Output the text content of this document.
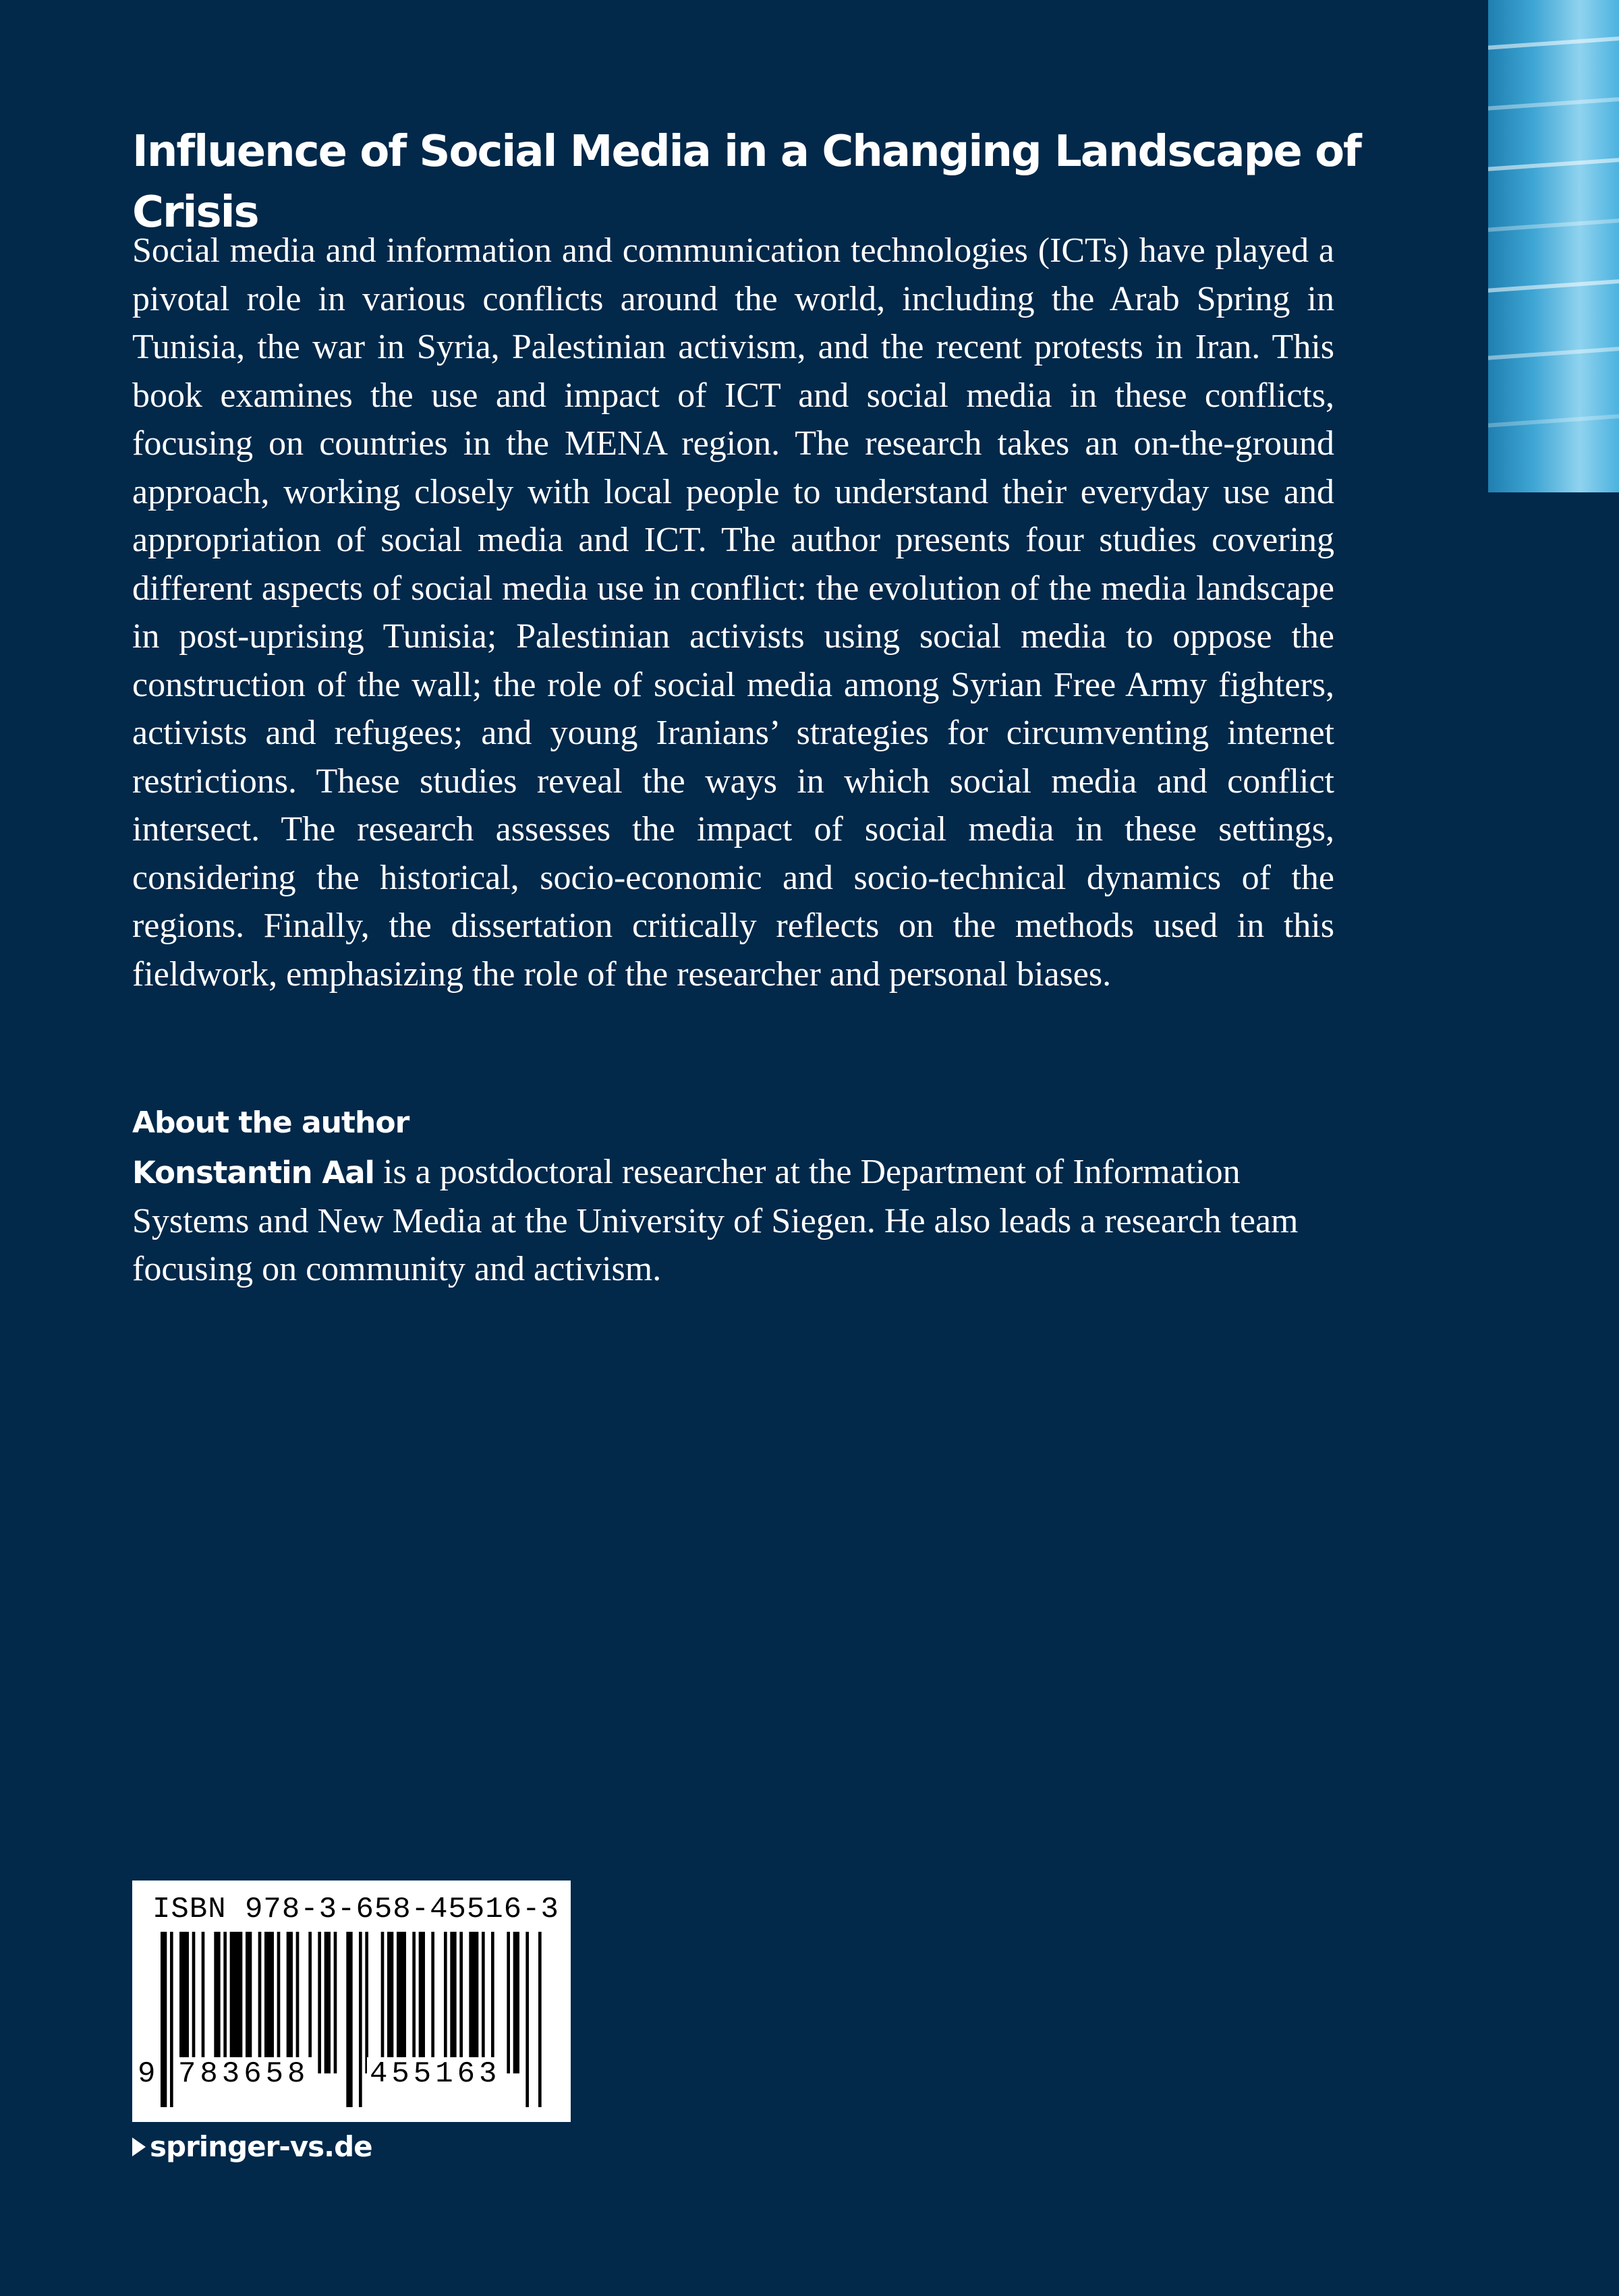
Influence of Social Media in a Changing Landscape of Crisis

Social media and information and communication technologies (ICTs) have played a pivotal role in various conflicts around the world, including the Arab Spring in Tunisia, the war in Syria, Palestinian activism, and the recent protests in Iran. This book examines the use and impact of ICT and social media in these conflicts, focusing on countries in the MENA region. The research takes an on-the-ground approach, working closely with local people to understand their everyday use and appropriation of social media and ICT. The author presents four studies covering different aspects of social media use in conflict: the evolution of the media landscape in post-uprising Tunisia; Palestinian activists using social media to oppose the construction of the wall; the role of social media among Syrian Free Army fighters, activists and refugees; and young Iranians’ strategies for circumventing internet restrictions. These studies reveal the ways in which social media and conflict intersect. The research assesses the impact of social media in these settings, considering the historical, socio-economic and socio-technical dynamics of the regions. Finally, the dissertation critically reflects on the methods used in this fieldwork, emphasizing the role of the researcher and personal biases.

About the author

Konstantin Aal is a postdoctoral researcher at the Department of Information Systems and New Media at the University of Siegen. He also leads a research team focusing on community and activism.

ISBN 978-3-658-45516-3
9 783658 455163
springer-vs.de
